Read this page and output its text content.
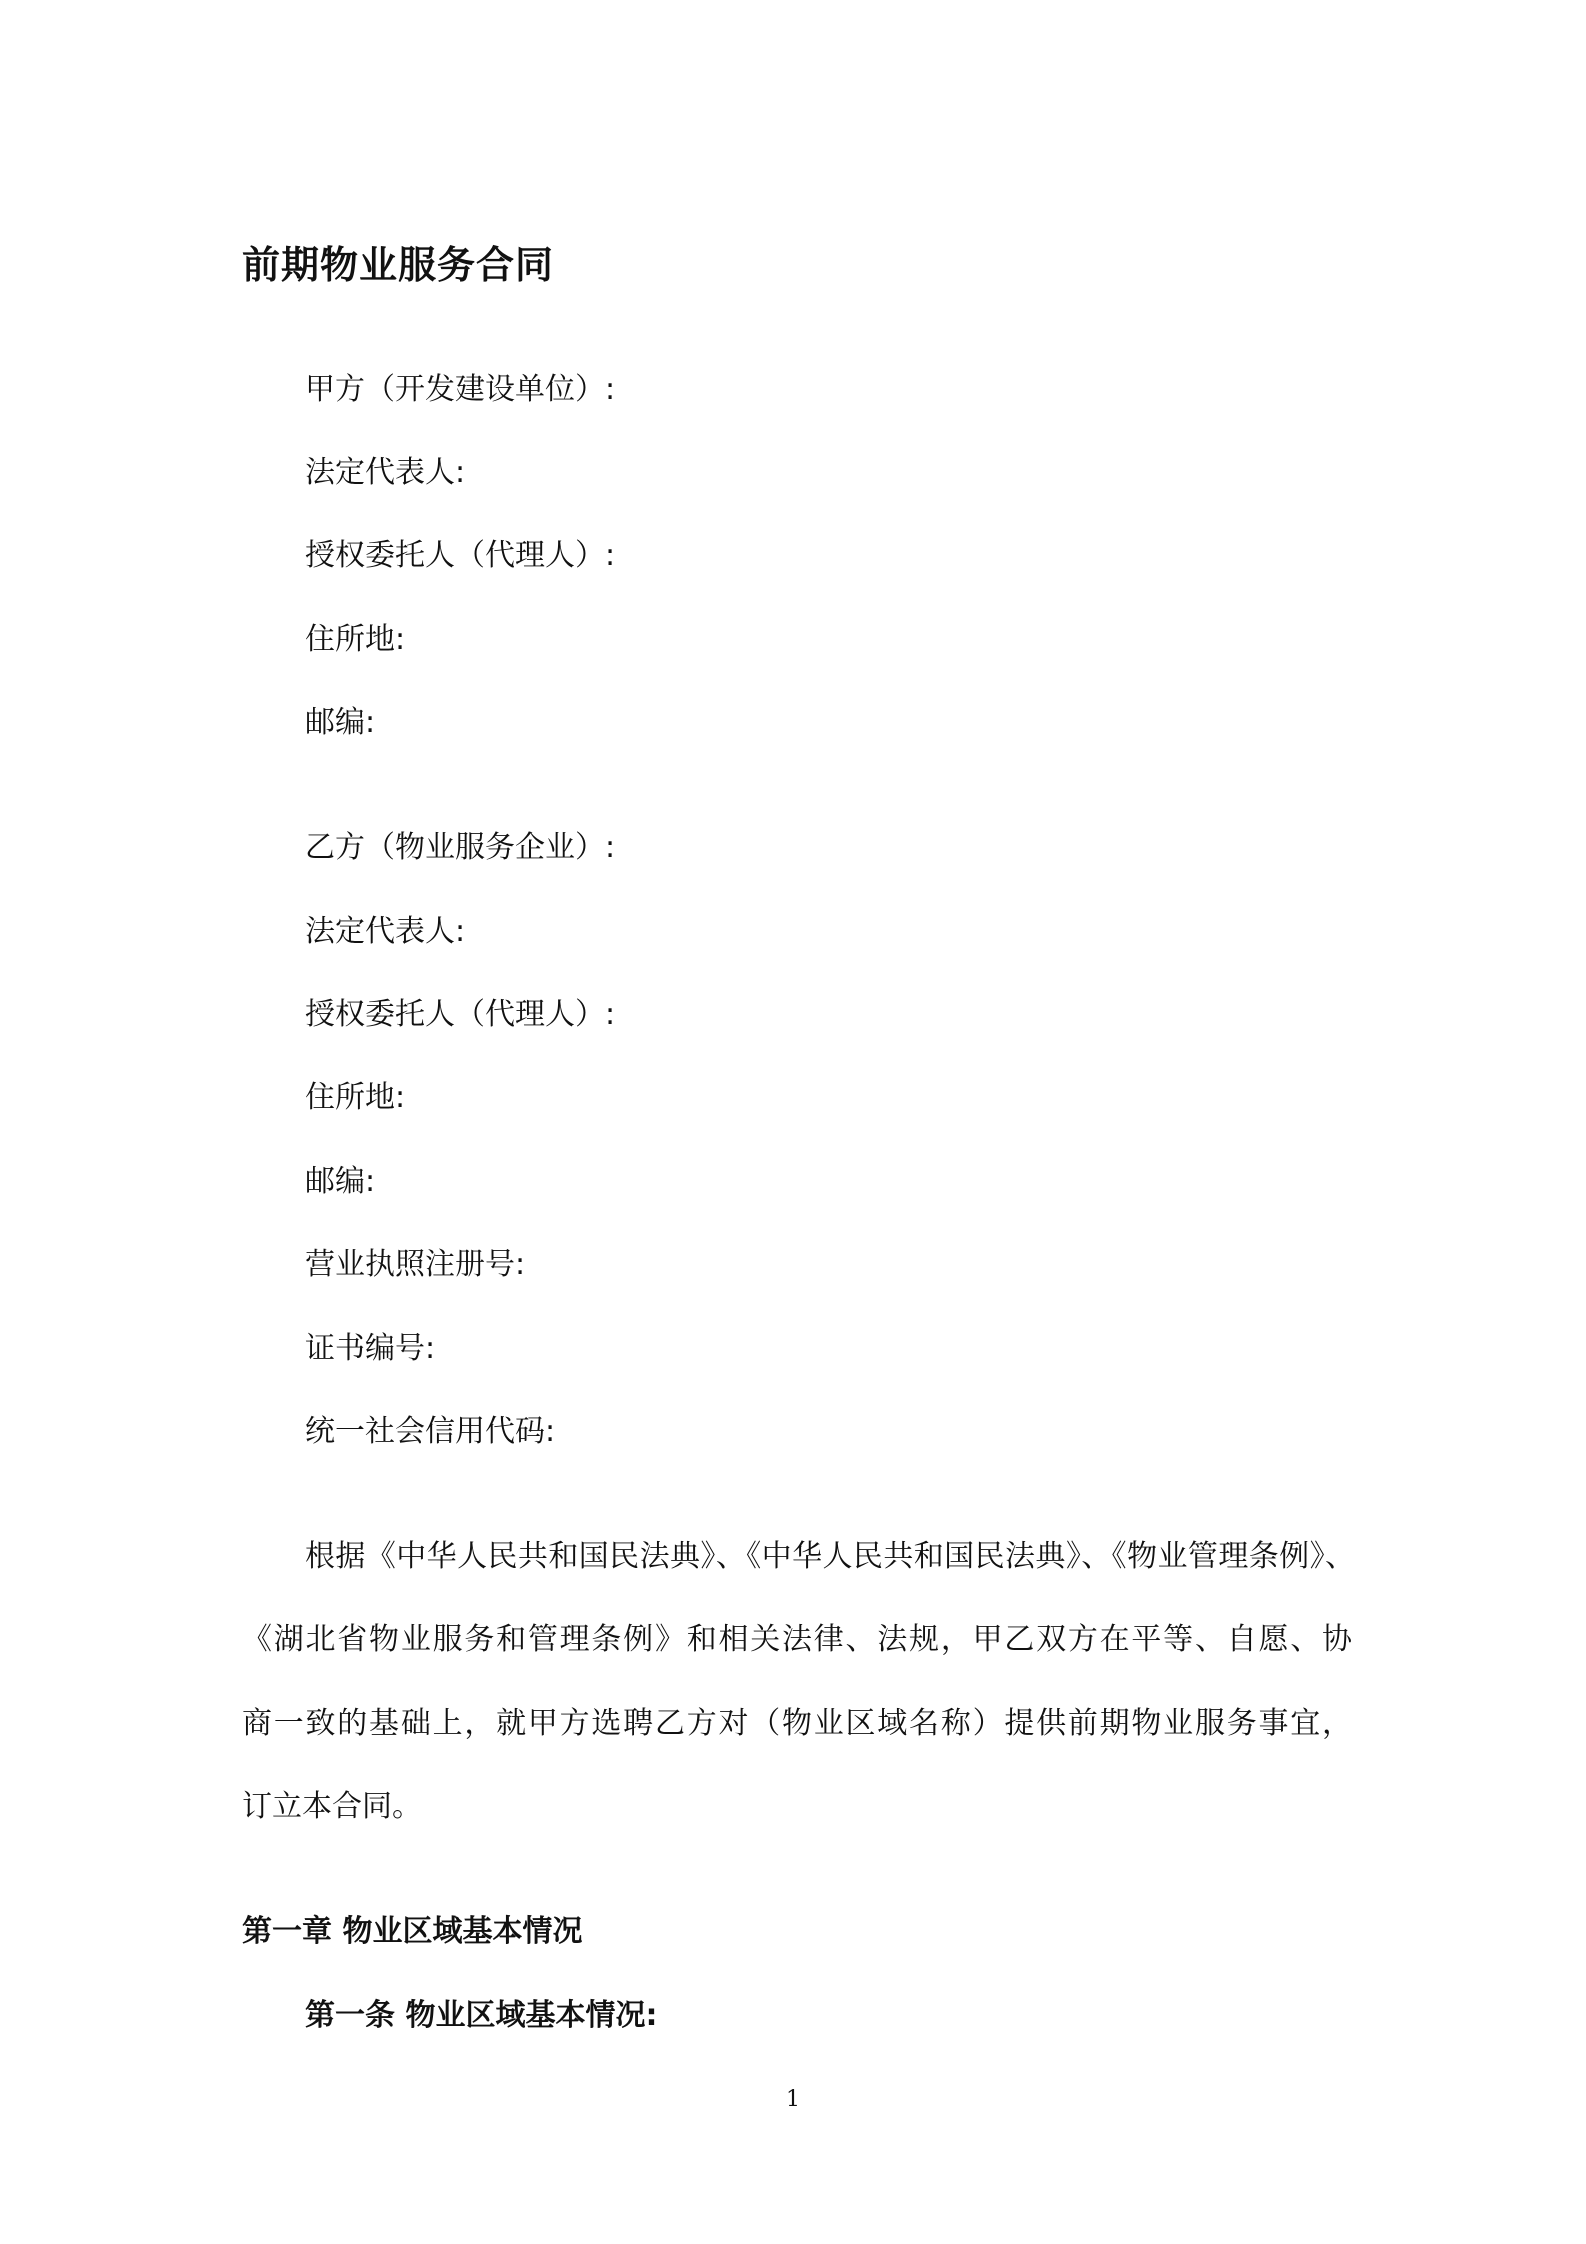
前期物业服务合同
甲方（开发建设单位）:
法定代表人:
授权委托人（代理人）:
住所地:
邮编:
乙方（物业服务企业）:
法定代表人:
授权委托人（代理人）:
住所地:
邮编:
营业执照注册号:
证书编号:
统一社会信用代码:
根据《中华人民共和国民法典》、《中华人民共和国民法典》、《物业管理条例》、
《湖北省物业服务和管理条例》和相关法律、法规，甲乙双方在平等、自愿、协
商一致的基础上，就甲方选聘乙方对（物业区域名称）提供前期物业服务事宜，
订立本合同。
第一章 物业区域基本情况
第一条 物业区域基本情况:
1
